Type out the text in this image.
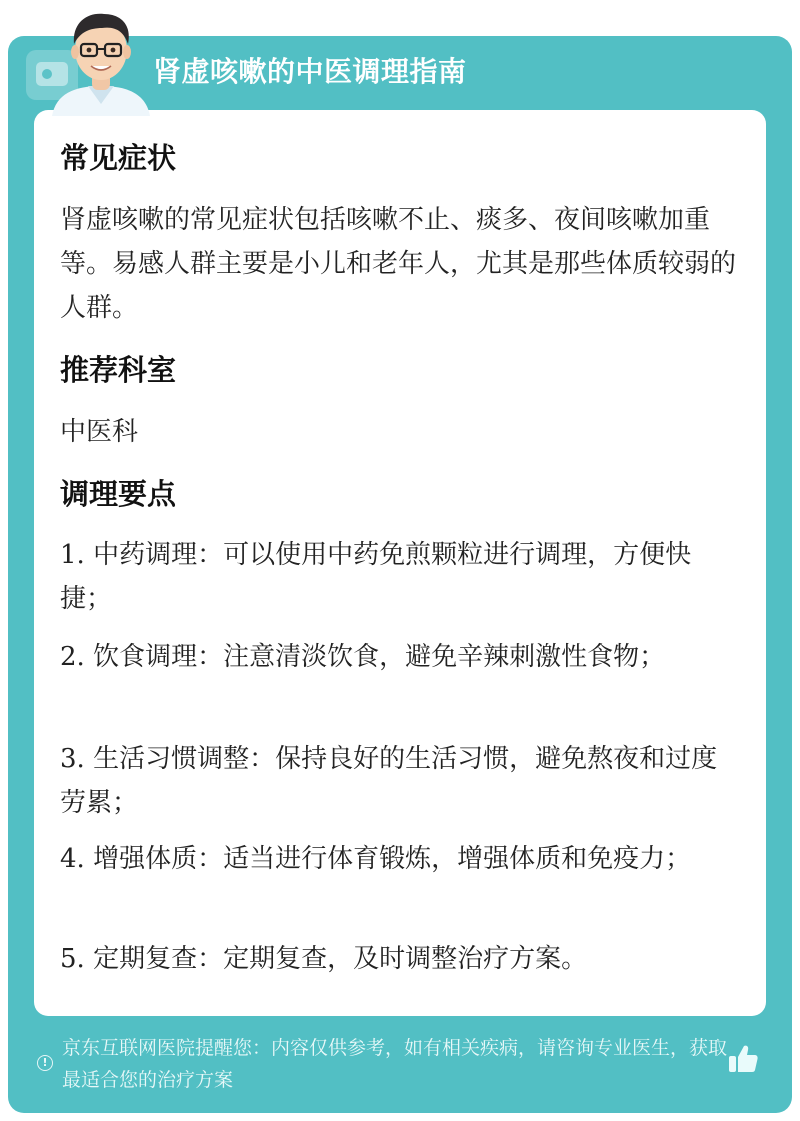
肾虚咳嗽的中医调理指南
常见症状
肾虚咳嗽的常见症状包括咳嗽不止、痰多、夜间咳嗽加重等。易感人群主要是小儿和老年人，尤其是那些体质较弱的人群。
推荐科室
中医科
调理要点
1. 中药调理：可以使用中药免煎颗粒进行调理，方便快捷；
2. 饮食调理：注意清淡饮食，避免辛辣刺激性食物；
3. 生活习惯调整：保持良好的生活习惯，避免熬夜和过度劳累；
4. 增强体质：适当进行体育锻炼，增强体质和免疫力；
5. 定期复查：定期复查，及时调整治疗方案。
!
京东互联网医院提醒您：内容仅供参考，如有相关疾病，请咨询专业医生，获取最适合您的治疗方案
